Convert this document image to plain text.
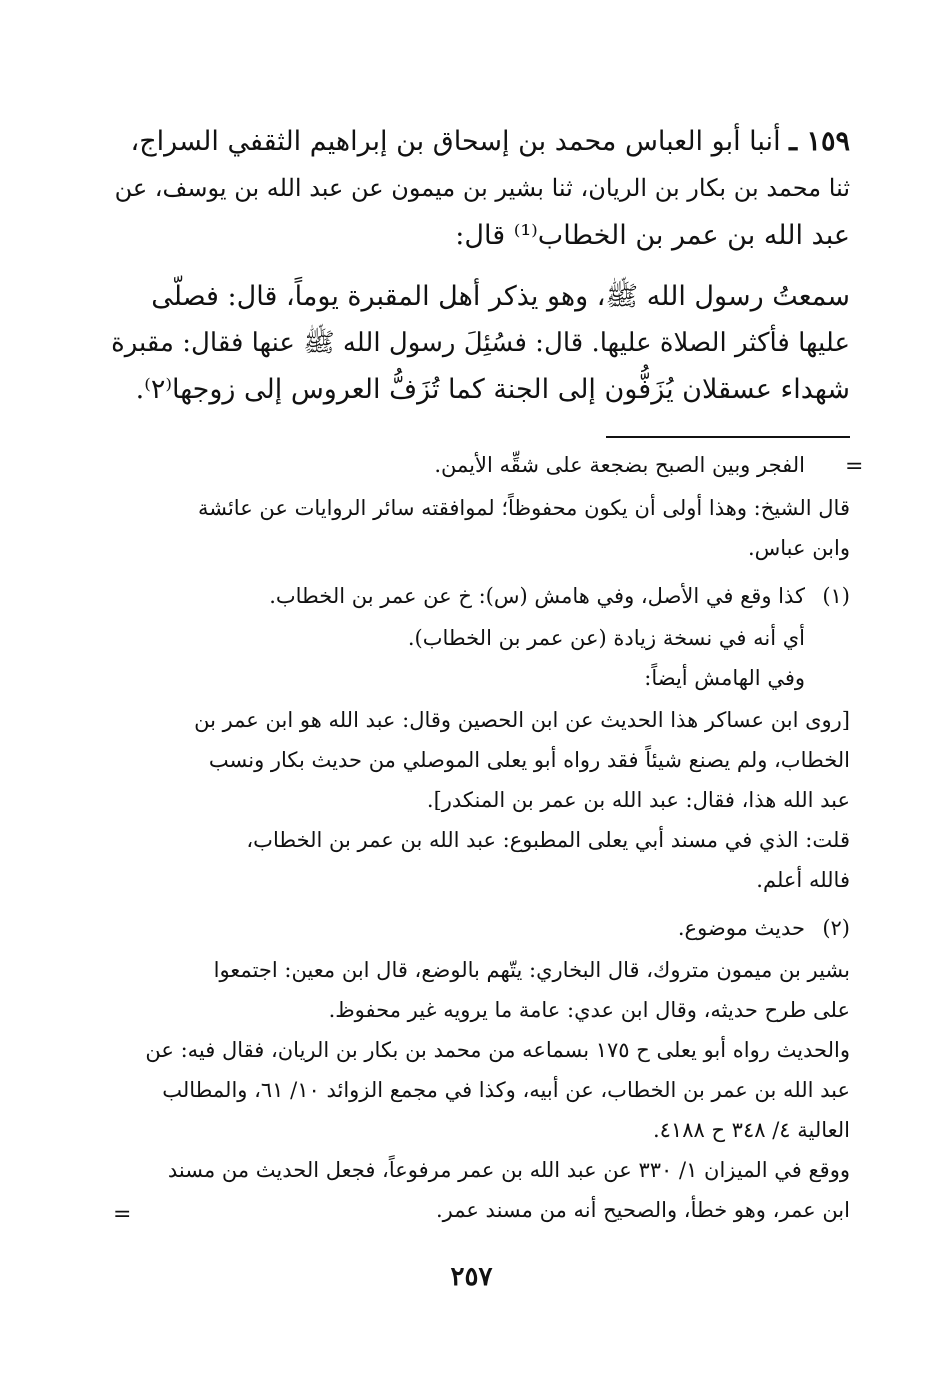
١٥٩ ـ أنبا أبو العباس محمد بن إسحاق بن إبراهيم الثقفي السراج،
ثنا محمد بن بكار بن الريان، ثنا بشير بن ميمون عن عبد الله بن يوسف، عن
عبد الله بن عمر بن الخطاب⁽¹⁾ قال:
سمعتُ رسول الله ﷺ، وهو يذكر أهل المقبرة يوماً، قال: فصلّى
عليها فأكثر الصلاة عليها. قال: فسُئِلَ رسول الله ﷺ عنها فقال: مقبرة
شهداء عسقلان يُزَفُّون إلى الجنة كما تُزَفُّ العروس إلى زوجها⁽٢⁾.
=
الفجر وبين الصبح بضجعة على شقِّه الأيمن.
قال الشيخ: وهذا أولى أن يكون محفوظاً؛ لموافقته سائر الروايات عن عائشة
وابن عباس.
(١)
كذا وقع في الأصل، وفي هامش (س): خ عن عمر بن الخطاب.
أي أنه في نسخة زيادة (عن عمر بن الخطاب).
وفي الهامش أيضاً:
[روى ابن عساكر هذا الحديث عن ابن الحصين وقال: عبد الله هو ابن عمر بن
الخطاب، ولم يصنع شيئاً فقد رواه أبو يعلى الموصلي من حديث بكار ونسب
عبد الله هذا، فقال: عبد الله بن عمر بن المنكدر].
قلت: الذي في مسند أبي يعلى المطبوع: عبد الله بن عمر بن الخطاب،
فالله أعلم.
(٢)
حديث موضوع.
بشير بن ميمون متروك، قال البخاري: يتّهم بالوضع، قال ابن معين: اجتمعوا
على طرح حديثه، وقال ابن عدي: عامة ما يرويه غير محفوظ.
والحديث رواه أبو يعلى ح ١٧٥ بسماعه من محمد بن بكار بن الريان، فقال فيه: عن
عبد الله بن عمر بن الخطاب، عن أبيه، وكذا في مجمع الزوائد ١٠/ ٦١، والمطالب
العالية ٤/ ٣٤٨ ح ٤١٨٨.
ووقع في الميزان ١/ ٣٣٠ عن عبد الله بن عمر مرفوعاً، فجعل الحديث من مسند
ابن عمر، وهو خطأ، والصحيح أنه من مسند عمر.
=
٢٥٧
